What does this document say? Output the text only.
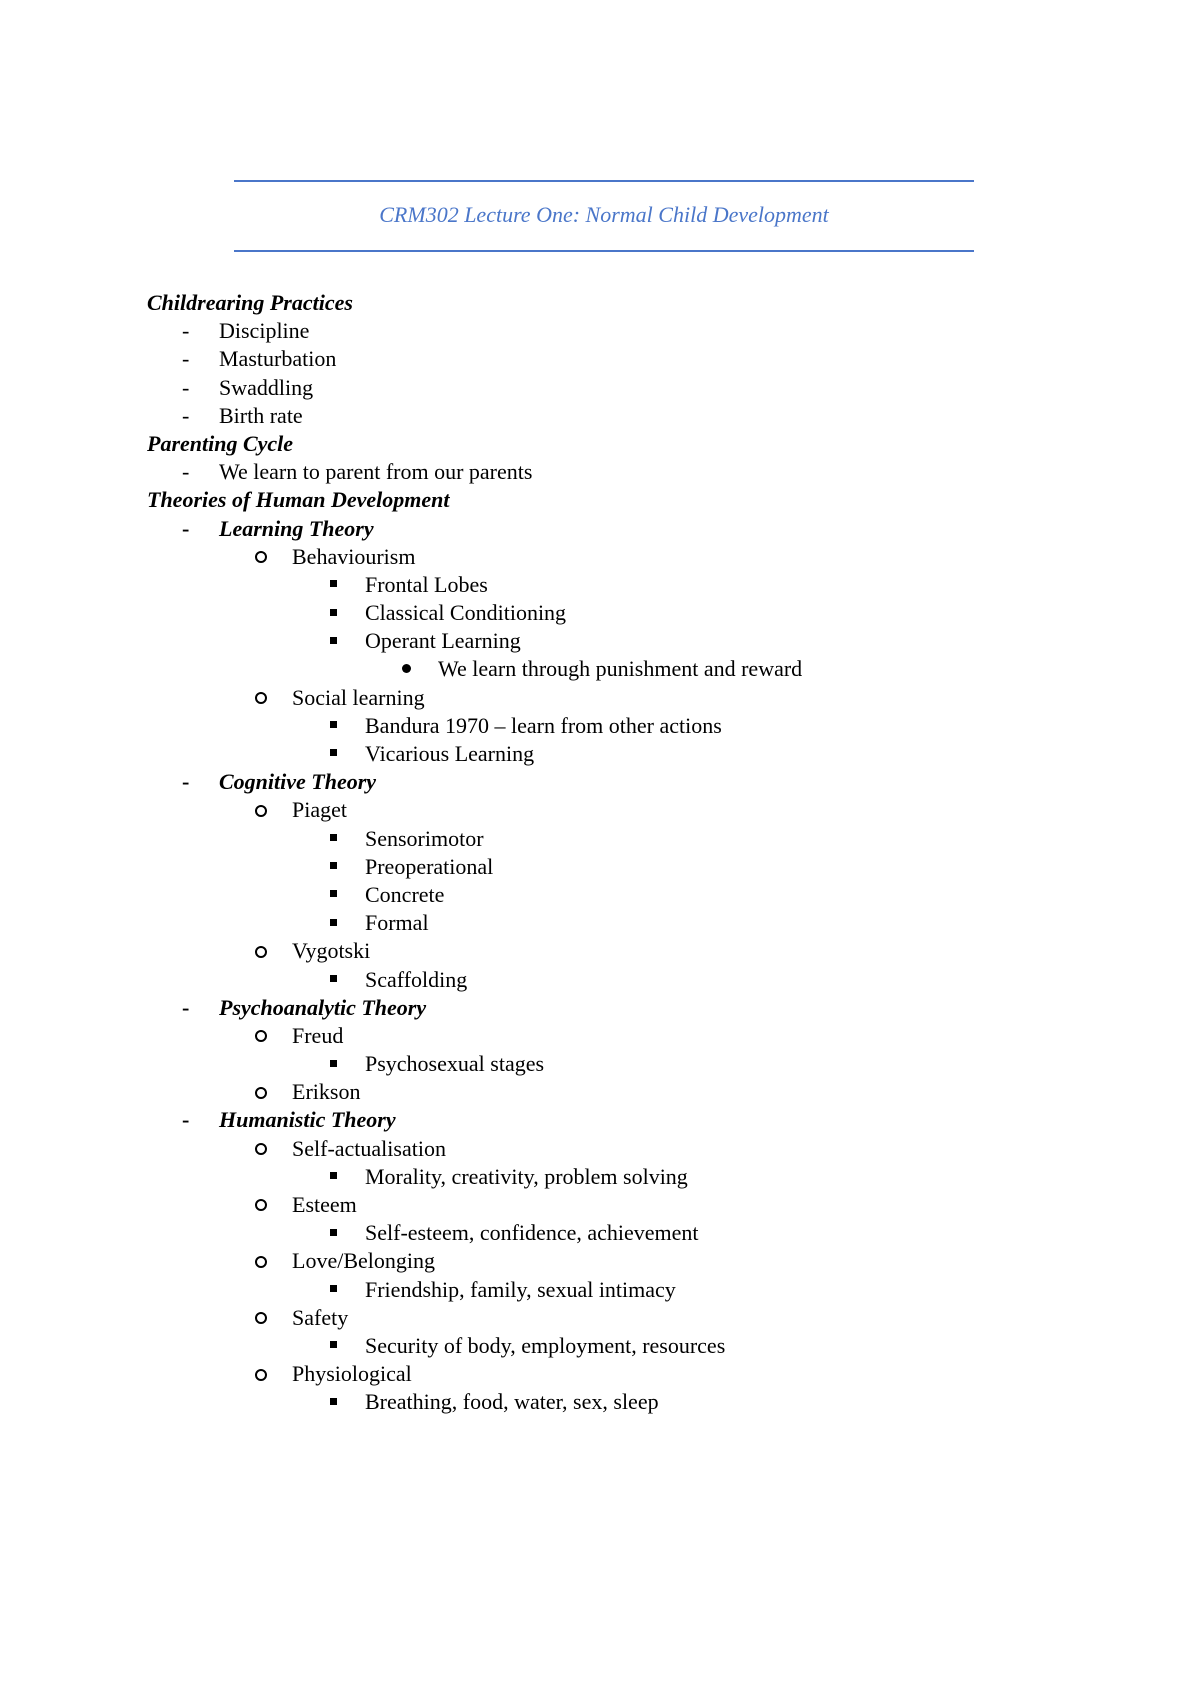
CRM302 Lecture One: Normal Child Development
Childrearing Practices
- Discipline
- Masturbation
- Swaddling
- Birth rate
Parenting Cycle
- We learn to parent from our parents
Theories of Human Development
- Learning Theory
Behaviourism
Frontal Lobes
Classical Conditioning
Operant Learning
We learn through punishment and reward
Social learning
Bandura 1970 – learn from other actions
Vicarious Learning
- Cognitive Theory
Piaget
Sensorimotor
Preoperational
Concrete
Formal
Vygotski
Scaffolding
- Psychoanalytic Theory
Freud
Psychosexual stages
Erikson
- Humanistic Theory
Self-actualisation
Morality, creativity, problem solving
Esteem
Self-esteem, confidence, achievement
Love/Belonging
Friendship, family, sexual intimacy
Safety
Security of body, employment, resources
Physiological
Breathing, food, water, sex, sleep
